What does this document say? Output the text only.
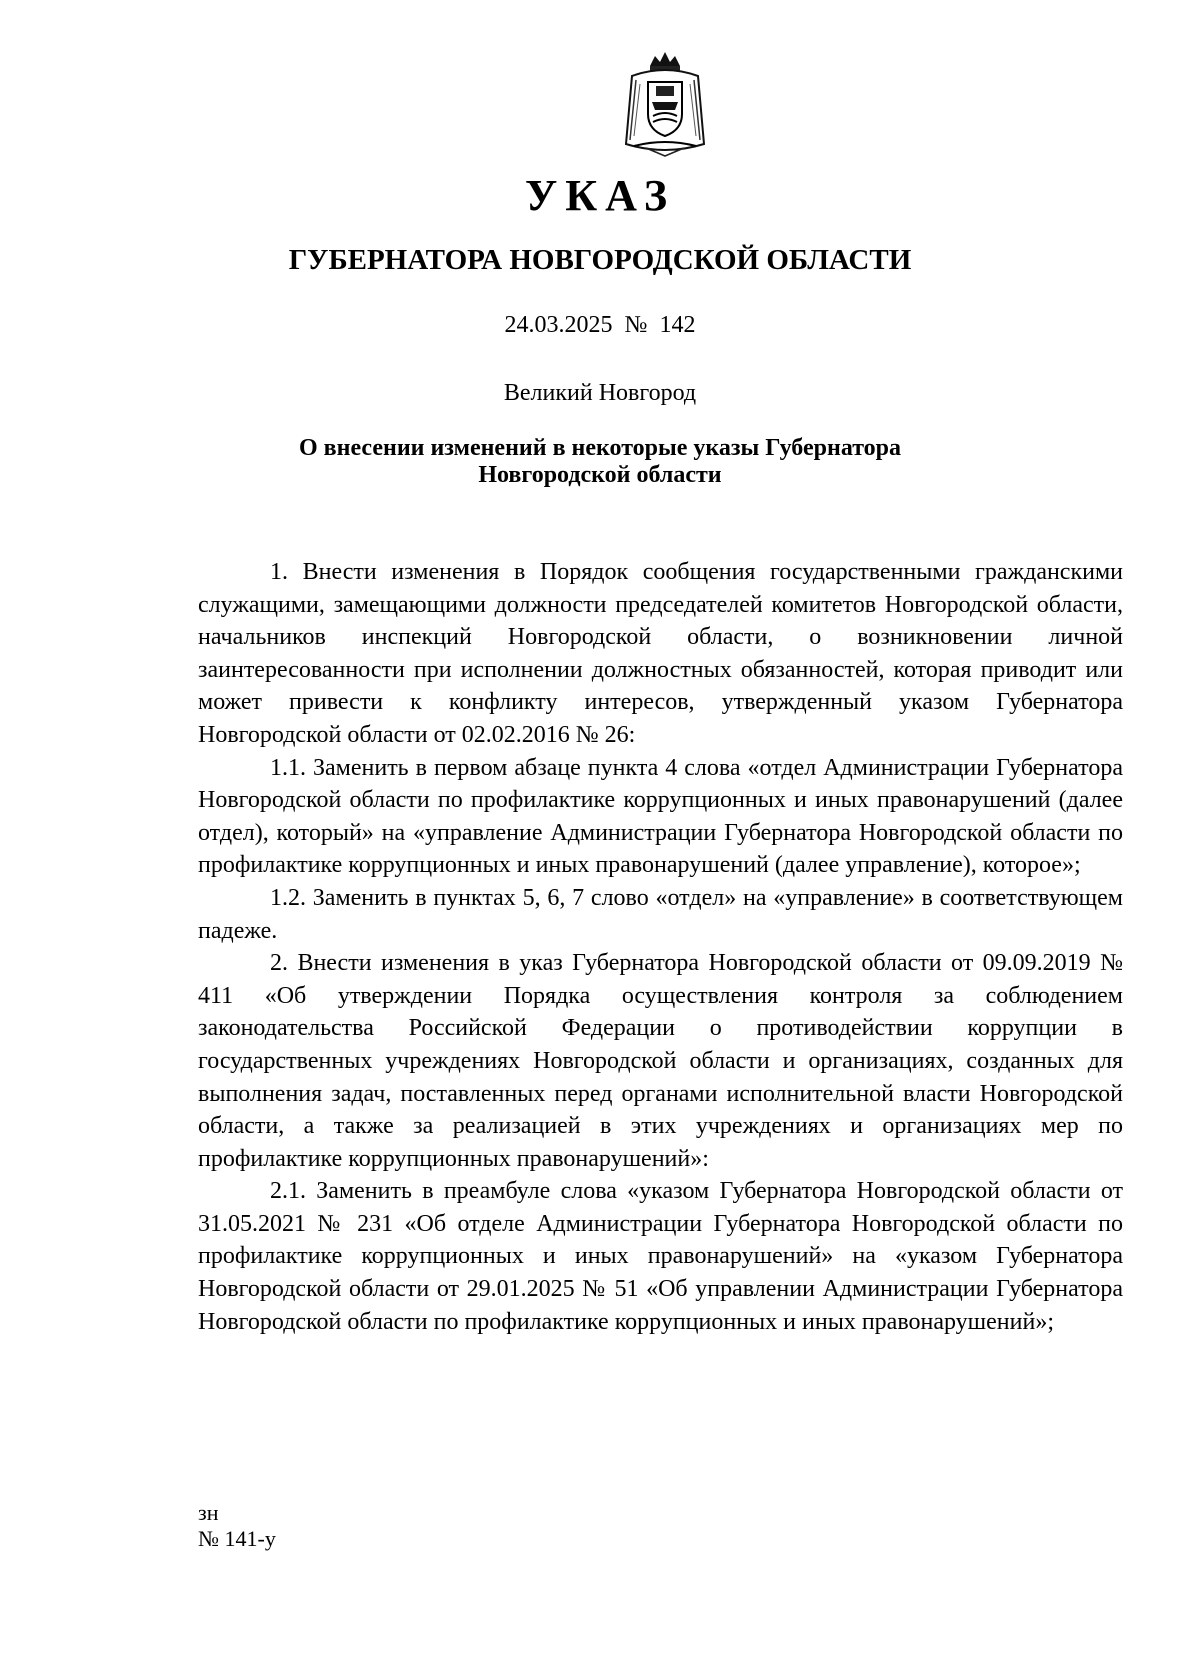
УКАЗ
ГУБЕРНАТОРА НОВГОРОДСКОЙ ОБЛАСТИ

24.03.2025 № 142

Великий Новгород

О внесении изменений в некоторые указы Губернатора
Новгородской области

1. Внести изменения в Порядок сообщения государственными гражданскими служащими, замещающими должности председателей комитетов Новгородской области, начальников инспекций Новгородской области, о возникновении личной заинтересованности при исполнении должностных обязанностей, которая приводит или может привести к конфликту интересов, утвержденный указом Губернатора Новгородской области от 02.02.2016 № 26:

1.1. Заменить в первом абзаце пункта 4 слова «отдел Администрации Губернатора Новгородской области по профилактике коррупционных и иных правонарушений (далее отдел), который» на «управление Администрации Губернатора Новгородской области по профилактике коррупционных и иных правонарушений (далее управление), которое»;

1.2. Заменить в пунктах 5, 6, 7 слово «отдел» на «управление» в соответствующем падеже.

2. Внести изменения в указ Губернатора Новгородской области от 09.09.2019 № 411 «Об утверждении Порядка осуществления контроля за соблюдением законодательства Российской Федерации о противодействии коррупции в государственных учреждениях Новгородской области и организациях, созданных для выполнения задач, поставленных перед органами исполнительной власти Новгородской области, а также за реализацией в этих учреждениях и организациях мер по профилактике коррупционных правонарушений»:

2.1. Заменить в преамбуле слова «указом Губернатора Новгородской области от 31.05.2021 № 231 «Об отделе Администрации Губернатора Новгородской области по профилактике коррупционных и иных правонарушений» на «указом Губернатора Новгородской области от 29.01.2025 № 51 «Об управлении Администрации Губернатора Новгородской области по профилактике коррупционных и иных правонарушений»;

зн
№ 141-у
